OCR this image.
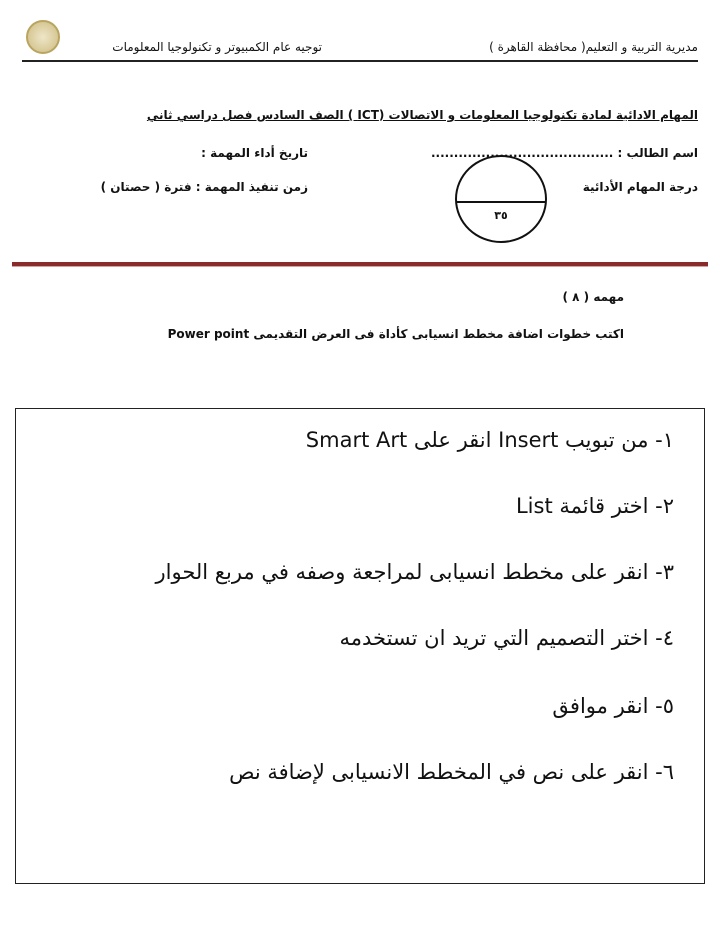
مديرية التربية و التعليم( محافظة القاهرة )
توجيه عام الكمبيوتر و تكنولوجيا المعلومات
المهام الادائية لمادة تكنولوجيا المعلومات و الاتصالات (ICT ) الصف السادس فصل دراسي ثاني
اسم الطالب : ........................................
تاريخ أداء المهمة :
درجة المهام الأدائية
زمن تنفيذ المهمة : فترة ( حصتان )
٣٥
مهمه ( ٨ )
اكتب خطوات اضافة مخطط انسيابى كأداة فى العرض التقديمى Power point
١- من تبويب Insert انقر على Smart Art
٢- اختر قائمة List
٣- انقر على مخطط انسيابى لمراجعة وصفه في مربع الحوار
٤- اختر التصميم التي تريد ان تستخدمه
٥- انقر موافق
٦- انقر على نص في المخطط الانسيابى لإضافة نص
